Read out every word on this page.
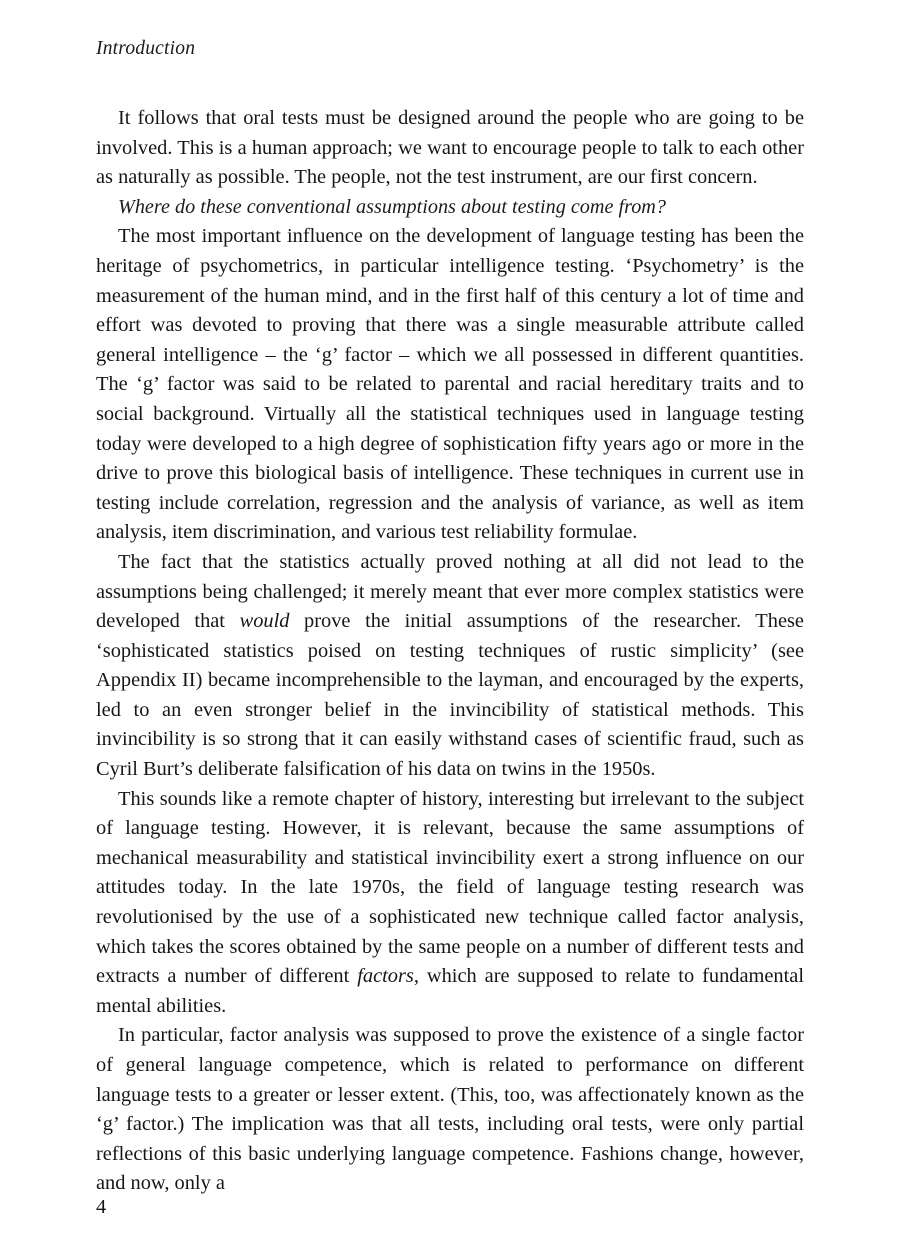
Introduction

It follows that oral tests must be designed around the people who are going to be involved. This is a human approach; we want to encourage people to talk to each other as naturally as possible. The people, not the test instrument, are our first concern.

Where do these conventional assumptions about testing come from?

The most important influence on the development of language testing has been the heritage of psychometrics, in particular intelligence testing. ‘Psychometry’ is the measurement of the human mind, and in the first half of this century a lot of time and effort was devoted to proving that there was a single measurable attribute called general intelligence – the ‘g’ factor – which we all possessed in different quantities. The ‘g’ factor was said to be related to parental and racial hereditary traits and to social background. Virtually all the statistical techniques used in language testing today were developed to a high degree of sophistication fifty years ago or more in the drive to prove this biological basis of intelligence. These techniques in current use in testing include correlation, regression and the analysis of variance, as well as item analysis, item discrimination, and various test reliability formulae.

The fact that the statistics actually proved nothing at all did not lead to the assumptions being challenged; it merely meant that ever more complex statistics were developed that would prove the initial assumptions of the researcher. These ‘sophisticated statistics poised on testing techniques of rustic simplicity’ (see Appendix II) became incomprehensible to the layman, and encouraged by the experts, led to an even stronger belief in the invincibility of statistical methods. This invincibility is so strong that it can easily withstand cases of scientific fraud, such as Cyril Burt’s deliberate falsification of his data on twins in the 1950s.

This sounds like a remote chapter of history, interesting but irrelevant to the subject of language testing. However, it is relevant, because the same assumptions of mechanical measurability and statistical invincibility exert a strong influence on our attitudes today. In the late 1970s, the field of language testing research was revolutionised by the use of a sophisticated new technique called factor analysis, which takes the scores obtained by the same people on a number of different tests and extracts a number of different factors, which are supposed to relate to fundamental mental abilities.

In particular, factor analysis was supposed to prove the existence of a single factor of general language competence, which is related to performance on different language tests to a greater or lesser extent. (This, too, was affectionately known as the ‘g’ factor.) The implication was that all tests, including oral tests, were only partial reflections of this basic underlying language competence. Fashions change, however, and now, only a

4
